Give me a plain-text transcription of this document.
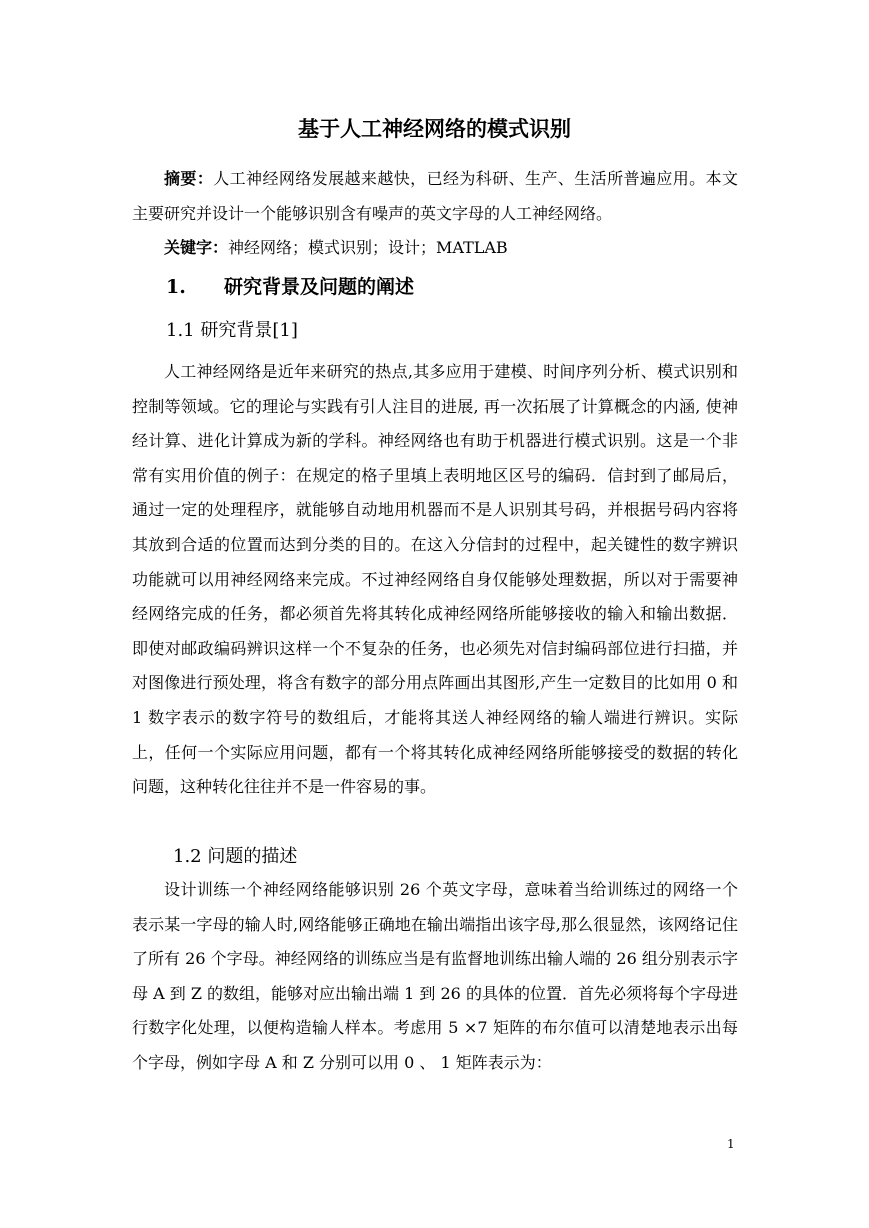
基于人工神经网络的模式识别

摘要：人工神经网络发展越来越快，已经为科研、生产、生活所普遍应用。本文主要研究并设计一个能够识别含有噪声的英文字母的人工神经网络。

关键字：神经网络；模式识别；设计；MATLAB

1. 研究背景及问题的阐述
1.1 研究背景[1]

人工神经网络是近年来研究的热点,其多应用于建模、时间序列分析、模式识别和控制等领域。它的理论与实践有引人注目的进展, 再一次拓展了计算概念的内涵, 使神经计算、进化计算成为新的学科。神经网络也有助于机器进行模式识别。这是一个非常有实用价值的例子：在规定的格子里填上表明地区区号的编码．信封到了邮局后，通过一定的处理程序，就能够自动地用机器而不是人识别其号码，并根据号码内容将其放到合适的位置而达到分类的目的。在这入分信封的过程中，起关键性的数字辨识功能就可以用神经网络来完成。不过神经网络自身仅能够处理数据，所以对于需要神经网络完成的任务，都必须首先将其转化成神经网络所能够接收的输入和输出数据．即使对邮政编码辨识这样一个不复杂的任务，也必须先对信封编码部位进行扫描，并对图像进行预处理，将含有数字的部分用点阵画出其图形,产生一定数目的比如用 0 和 1 数字表示的数字符号的数组后，才能将其送人神经网络的输人端进行辨识。实际上，任何一个实际应用问题，都有一个将其转化成神经网络所能够接受的数据的转化问题，这种转化往往并不是一件容易的事。

1.2 问题的描述

设计训练一个神经网络能够识别 26 个英文字母，意味着当给训练过的网络一个表示某一字母的输人时,网络能够正确地在输出端指出该字母,那么很显然，该网络记住了所有 26 个字母。神经网络的训练应当是有监督地训练出输人端的 26 组分别表示字母 A 到 Z 的数组，能够对应出输出端 1 到 26 的具体的位置．首先必须将每个字母进行数字化处理，以便构造输人样本。考虑用 5 ×7 矩阵的布尔值可以清楚地表示出每个字母，例如字母 A 和 Z 分别可以用 0 、 1 矩阵表示为：

1
